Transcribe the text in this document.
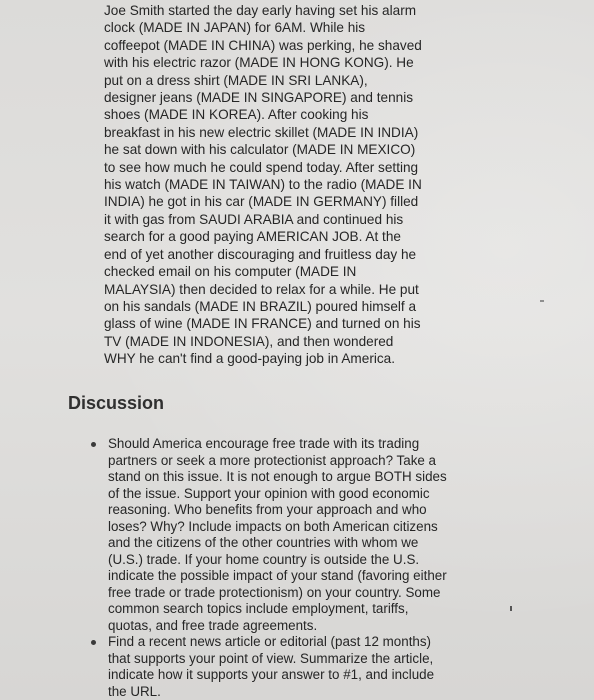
Joe Smith started the day early having set his alarm
clock (MADE IN JAPAN) for 6AM. While his
coffeepot (MADE IN CHINA) was perking, he shaved
with his electric razor (MADE IN HONG KONG). He
put on a dress shirt (MADE IN SRI LANKA),
designer jeans (MADE IN SINGAPORE) and tennis
shoes (MADE IN KOREA). After cooking his
breakfast in his new electric skillet (MADE IN INDIA)
he sat down with his calculator (MADE IN MEXICO)
to see how much he could spend today. After setting
his watch (MADE IN TAIWAN) to the radio (MADE IN
INDIA) he got in his car (MADE IN GERMANY) filled
it with gas from SAUDI ARABIA and continued his
search for a good paying AMERICAN JOB. At the
end of yet another discouraging and fruitless day he
checked email on his computer (MADE IN
MALAYSIA) then decided to relax for a while. He put
on his sandals (MADE IN BRAZIL) poured himself a
glass of wine (MADE IN FRANCE) and turned on his
TV (MADE IN INDONESIA), and then wondered
WHY he can't find a good-paying job in America.

Discussion
Should America encourage free trade with its trading
partners or seek a more protectionist approach? Take a
stand on this issue. It is not enough to argue BOTH sides
of the issue. Support your opinion with good economic
reasoning. Who benefits from your approach and who
loses? Why? Include impacts on both American citizens
and the citizens of the other countries with whom we
(U.S.) trade. If your home country is outside the U.S.
indicate the possible impact of your stand (favoring either
free trade or trade protectionism) on your country. Some
common search topics include employment, tariffs,
quotas, and free trade agreements.
Find a recent news article or editorial (past 12 months)
that supports your point of view. Summarize the article,
indicate how it supports your answer to #1, and include
the URL.
